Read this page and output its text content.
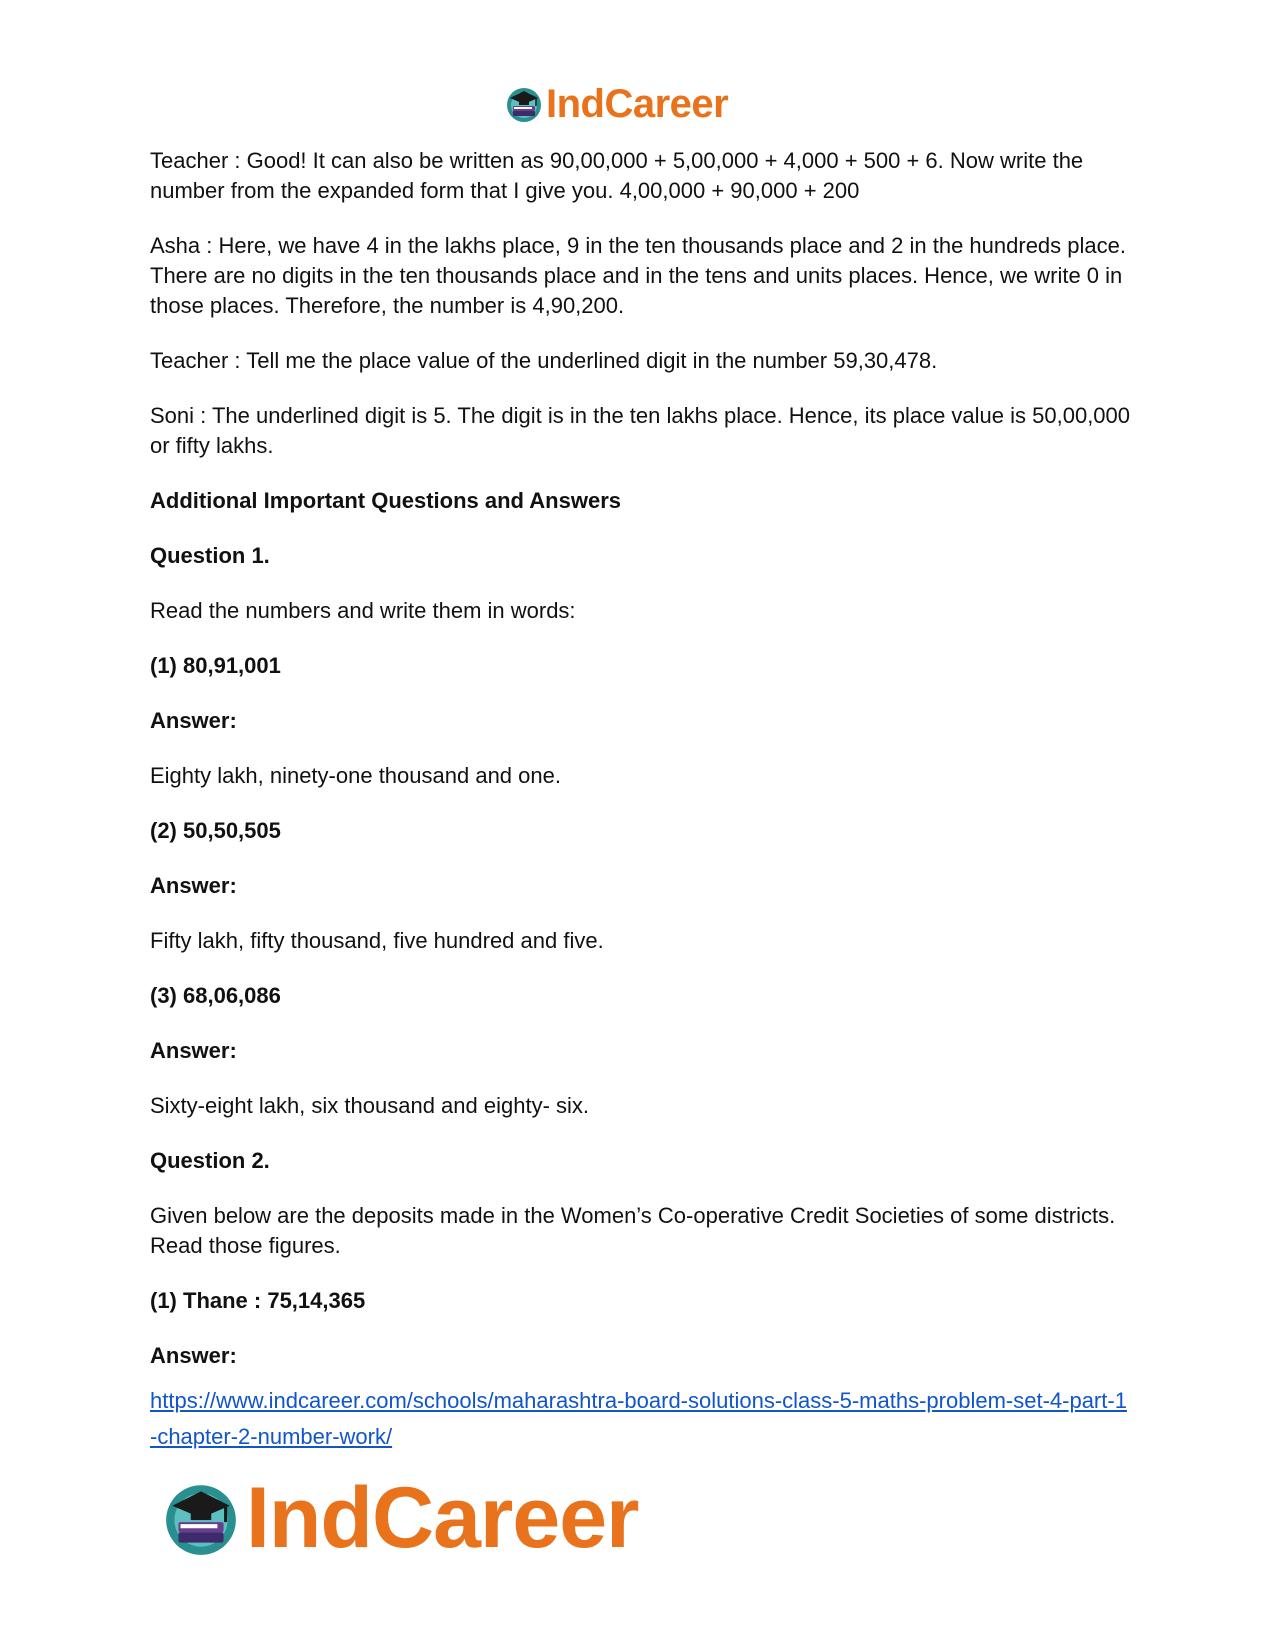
IndCareer

Teacher : Good! It can also be written as 90,00,000 + 5,00,000 + 4,000 + 500 + 6. Now write the number from the expanded form that I give you. 4,00,000 + 90,000 + 200

Asha : Here, we have 4 in the lakhs place, 9 in the ten thousands place and 2 in the hundreds place. There are no digits in the ten thousands place and in the tens and units places. Hence, we write 0 in those places. Therefore, the number is 4,90,200.

Teacher : Tell me the place value of the underlined digit in the number 59,30,478.

Soni : The underlined digit is 5. The digit is in the ten lakhs place. Hence, its place value is 50,00,000 or fifty lakhs.

Additional Important Questions and Answers

Question 1.

Read the numbers and write them in words:

(1) 80,91,001

Answer:

Eighty lakh, ninety-one thousand and one.

(2) 50,50,505

Answer:

Fifty lakh, fifty thousand, five hundred and five.

(3) 68,06,086

Answer:

Sixty-eight lakh, six thousand and eighty- six.

Question 2.

Given below are the deposits made in the Women’s Co-operative Credit Societies of some districts. Read those figures.

(1) Thane : 75,14,365

Answer:

https://www.indcareer.com/schools/maharashtra-board-solutions-class-5-maths-problem-set-4-part-1-chapter-2-number-work/
IndCareer
